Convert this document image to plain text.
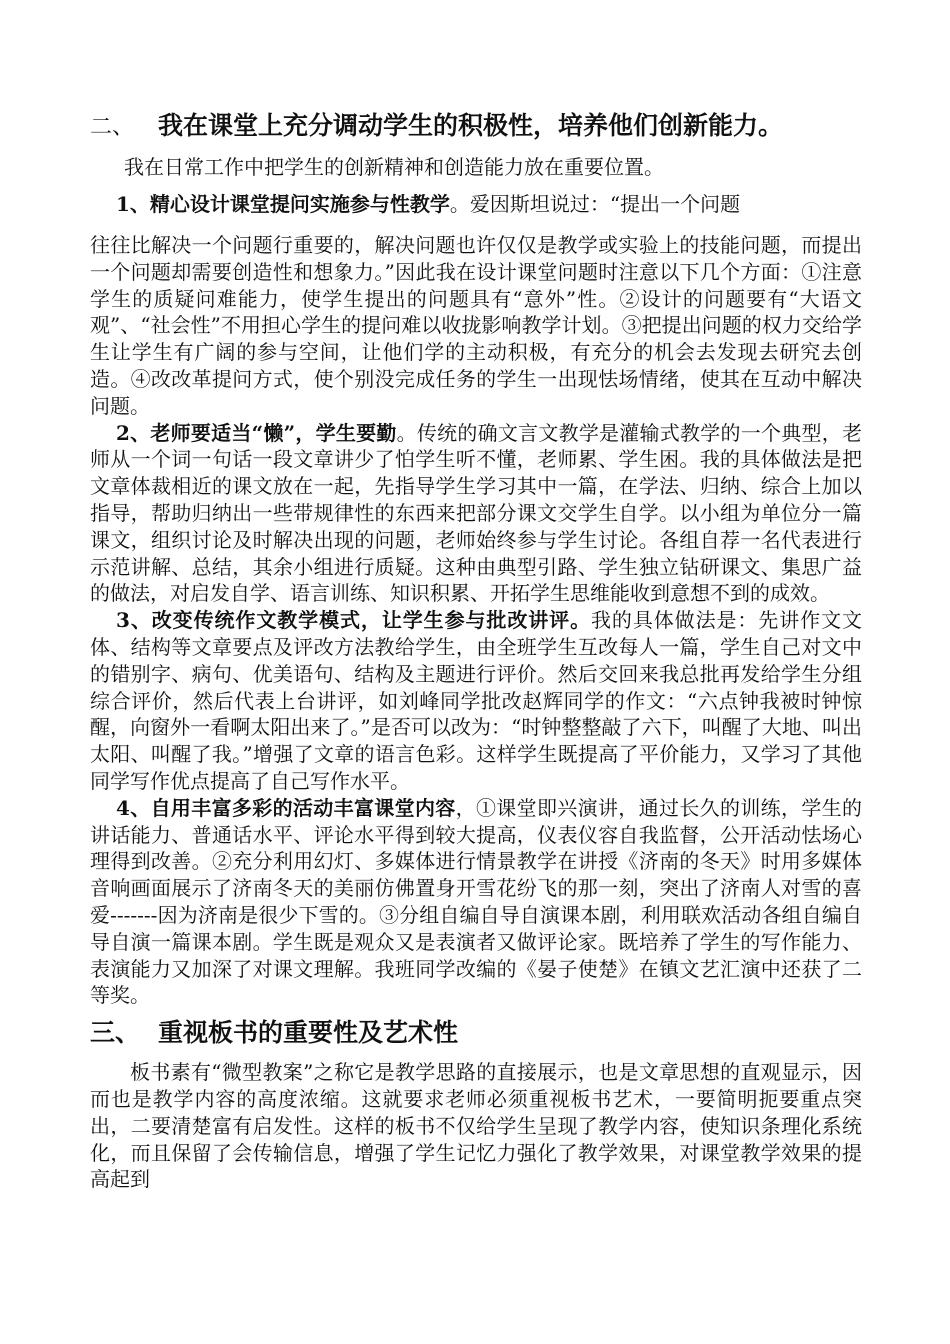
二、 我在课堂上充分调动学生的积极性，培养他们创新能力。

我在日常工作中把学生的创新精神和创造能力放在重要位置。

1、精心设计课堂提问实施参与性教学。爱因斯坦说过：“提出一个问题

往往比解决一个问题行重要的，解决问题也许仅仅是教学或实验上的技能问题，而提出一个问题却需要创造性和想象力。”因此我在设计课堂问题时注意以下几个方面：①注意学生的质疑问难能力，使学生提出的问题具有“意外”性。②设计的问题要有“大语文观”、“社会性”不用担心学生的提问难以收拢影响教学计划。③把提出问题的权力交给学生让学生有广阔的参与空间，让他们学的主动积极，有充分的机会去发现去研究去创造。④改改革提问方式，使个别没完成任务的学生一出现怯场情绪，使其在互动中解决问题。

2、老师要适当“懒”，学生要勤。传统的确文言文教学是灌输式教学的一个典型，老师从一个词一句话一段文章讲少了怕学生听不懂，老师累、学生困。我的具体做法是把文章体裁相近的课文放在一起，先指导学生学习其中一篇，在学法、归纳、综合上加以指导，帮助归纳出一些带规律性的东西来把部分课文交学生自学。以小组为单位分一篇课文，组织讨论及时解决出现的问题，老师始终参与学生讨论。各组自荐一名代表进行示范讲解、总结，其余小组进行质疑。这种由典型引路、学生独立钻研课文、集思广益的做法，对启发自学、语言训练、知识积累、开拓学生思维能收到意想不到的成效。

3、改变传统作文教学模式，让学生参与批改讲评。我的具体做法是：先讲作文文体、结构等文章要点及评改方法教给学生，由全班学生互改每人一篇，学生自己对文中的错别字、病句、优美语句、结构及主题进行评价。然后交回来我总批再发给学生分组综合评价，然后代表上台讲评，如刘峰同学批改赵辉同学的作文：“六点钟我被时钟惊醒，向窗外一看啊太阳出来了。”是否可以改为：“时钟整整敲了六下，叫醒了大地、叫出太阳、叫醒了我。”增强了文章的语言色彩。这样学生既提高了平价能力，又学习了其他同学写作优点提高了自己写作水平。

4、自用丰富多彩的活动丰富课堂内容，①课堂即兴演讲，通过长久的训练，学生的讲话能力、普通话水平、评论水平得到较大提高，仪表仪容自我监督，公开活动怯场心理得到改善。②充分利用幻灯、多媒体进行情景教学在讲授《济南的冬天》时用多媒体音响画面展示了济南冬天的美丽仿佛置身开雪花纷飞的那一刻，突出了济南人对雪的喜爱-------因为济南是很少下雪的。③分组自编自导自演课本剧，利用联欢活动各组自编自导自演一篇课本剧。学生既是观众又是表演者又做评论家。既培养了学生的写作能力、表演能力又加深了对课文理解。我班同学改编的《晏子使楚》在镇文艺汇演中还获了二等奖。

三、 重视板书的重要性及艺术性

板书素有“微型教案”之称它是教学思路的直接展示，也是文章思想的直观显示，因而也是教学内容的高度浓缩。这就要求老师必须重视板书艺术，一要简明扼要重点突出，二要清楚富有启发性。这样的板书不仅给学生呈现了教学内容，使知识条理化系统化，而且保留了会传输信息，增强了学生记忆力强化了教学效果，对课堂教学效果的提高起到
